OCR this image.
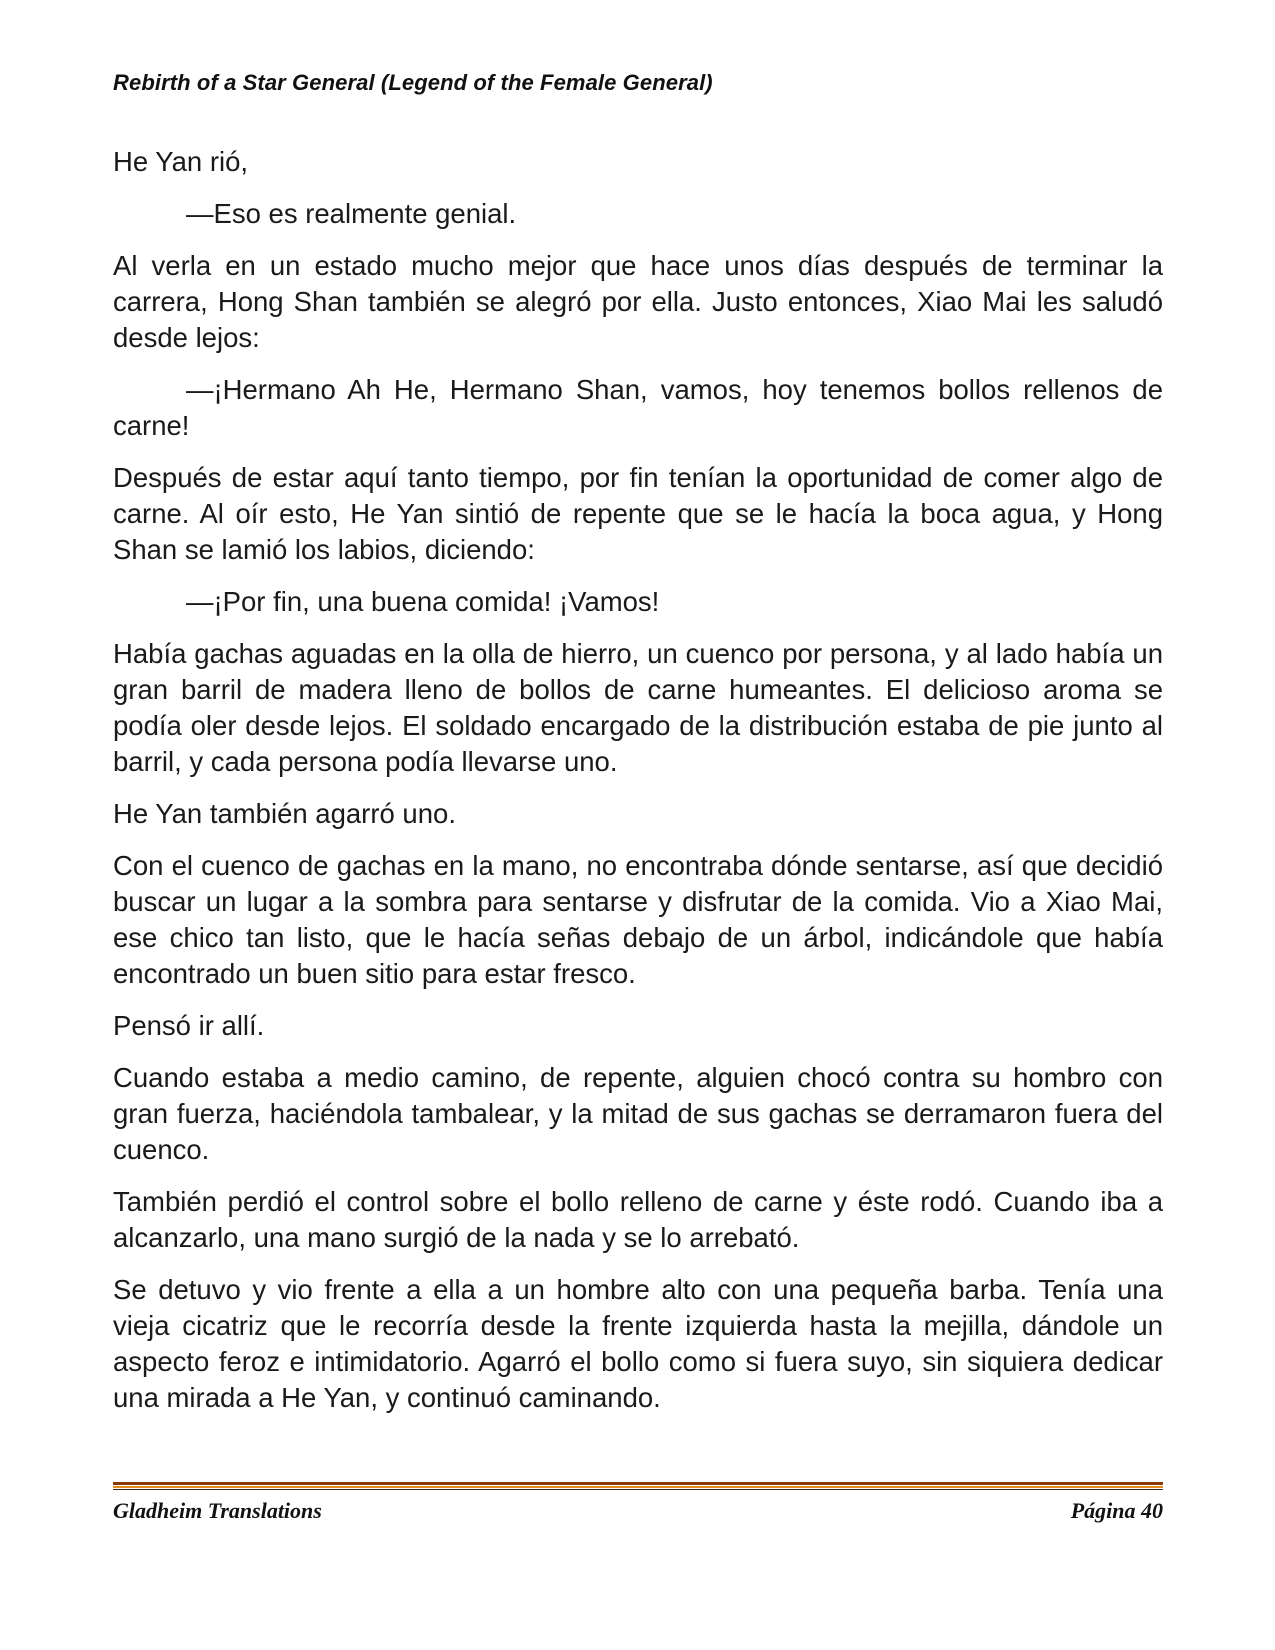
Rebirth of a Star General (Legend of the Female General)

He Yan rió,

—Eso es realmente genial.

Al verla en un estado mucho mejor que hace unos días después de terminar la carrera, Hong Shan también se alegró por ella. Justo entonces, Xiao Mai les saludó desde lejos:

—¡Hermano Ah He, Hermano Shan, vamos, hoy tenemos bollos rellenos de carne!

Después de estar aquí tanto tiempo, por fin tenían la oportunidad de comer algo de carne. Al oír esto, He Yan sintió de repente que se le hacía la boca agua, y Hong Shan se lamió los labios, diciendo:

—¡Por fin, una buena comida! ¡Vamos!

Había gachas aguadas en la olla de hierro, un cuenco por persona, y al lado había un gran barril de madera lleno de bollos de carne humeantes. El delicioso aroma se podía oler desde lejos. El soldado encargado de la distribución estaba de pie junto al barril, y cada persona podía llevarse uno.

He Yan también agarró uno.

Con el cuenco de gachas en la mano, no encontraba dónde sentarse, así que decidió buscar un lugar a la sombra para sentarse y disfrutar de la comida. Vio a Xiao Mai, ese chico tan listo, que le hacía señas debajo de un árbol, indicándole que había encontrado un buen sitio para estar fresco.

Pensó ir allí.

Cuando estaba a medio camino, de repente, alguien chocó contra su hombro con gran fuerza, haciéndola tambalear, y la mitad de sus gachas se derramaron fuera del cuenco.

También perdió el control sobre el bollo relleno de carne y éste rodó. Cuando iba a alcanzarlo, una mano surgió de la nada y se lo arrebató.

Se detuvo y vio frente a ella a un hombre alto con una pequeña barba. Tenía una vieja cicatriz que le recorría desde la frente izquierda hasta la mejilla, dándole un aspecto feroz e intimidatorio. Agarró el bollo como si fuera suyo, sin siquiera dedicar una mirada a He Yan, y continuó caminando.

Gladheim Translations	Página 40
